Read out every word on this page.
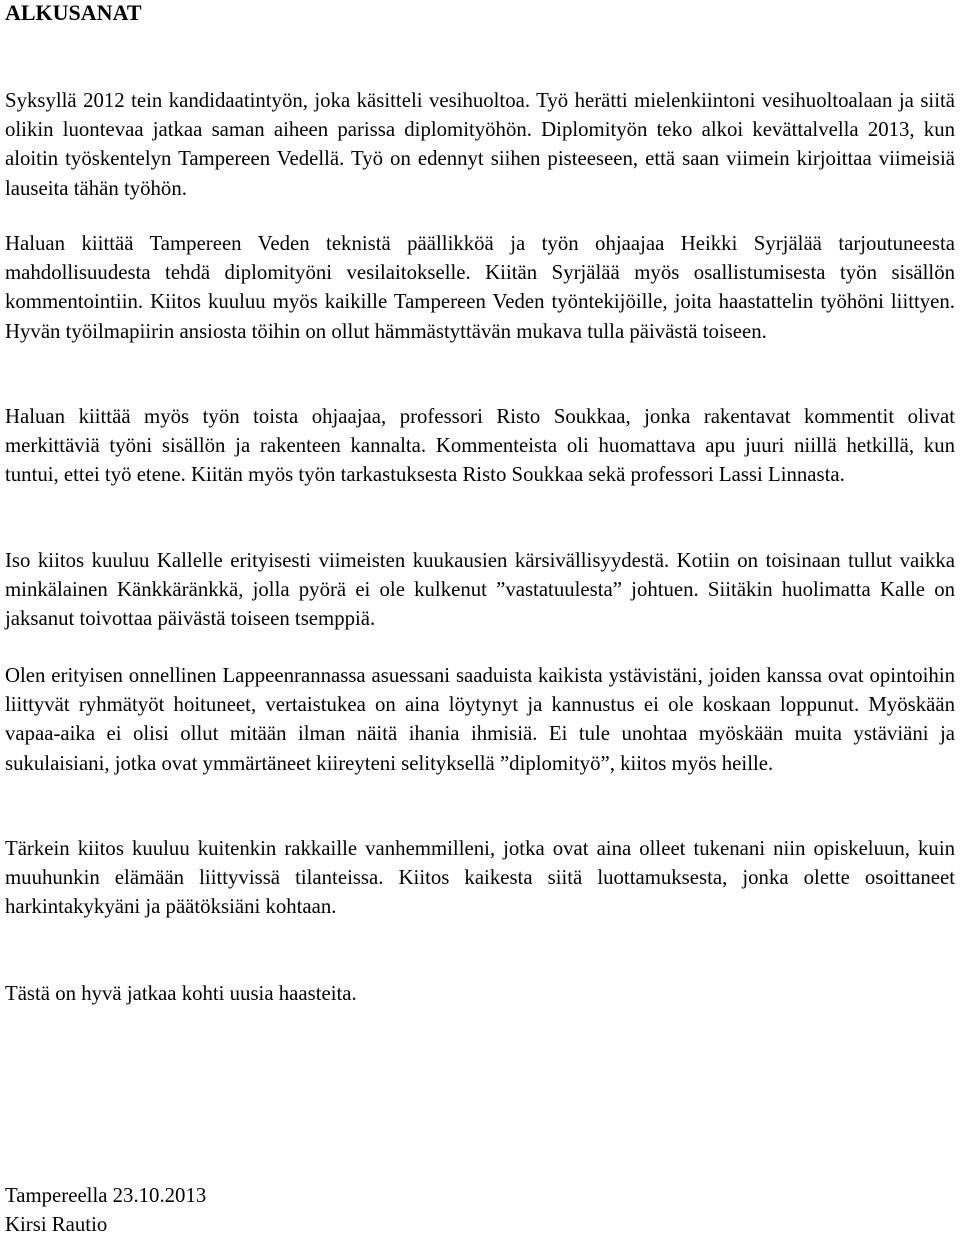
ALKUSANAT

Syksyllä 2012 tein kandidaatintyön, joka käsitteli vesihuoltoa. Työ herätti mielenkiintoni vesihuoltoalaan ja siitä olikin luontevaa jatkaa saman aiheen parissa diplomityöhön. Diplomityön teko alkoi kevättalvella 2013, kun aloitin työskentelyn Tampereen Vedellä. Työ on edennyt siihen pisteeseen, että saan viimein kirjoittaa viimeisiä lauseita tähän työhön.

Haluan kiittää Tampereen Veden teknistä päällikköä ja työn ohjaajaa Heikki Syrjälää tarjoutuneesta mahdollisuudesta tehdä diplomityöni vesilaitokselle. Kiitän Syrjälää myös osallistumisesta työn sisällön kommentointiin. Kiitos kuuluu myös kaikille Tampereen Veden työntekijöille, joita haastattelin työhöni liittyen. Hyvän työilmapiirin ansiosta töihin on ollut hämmästyttävän mukava tulla päivästä toiseen.

Haluan kiittää myös työn toista ohjaajaa, professori Risto Soukkaa, jonka rakentavat kommentit olivat merkittäviä työni sisällön ja rakenteen kannalta. Kommenteista oli huomattava apu juuri niillä hetkillä, kun tuntui, ettei työ etene. Kiitän myös työn tarkastuksesta Risto Soukkaa sekä professori Lassi Linnasta.

Iso kiitos kuuluu Kallelle erityisesti viimeisten kuukausien kärsivällisyydestä. Kotiin on toisinaan tullut vaikka minkälainen Känkkäränkkä, jolla pyörä ei ole kulkenut ”vastatuulesta” johtuen. Siitäkin huolimatta Kalle on jaksanut toivottaa päivästä toiseen tsemppiä.

Olen erityisen onnellinen Lappeenrannassa asuessani saaduista kaikista ystävistäni, joiden kanssa ovat opintoihin liittyvät ryhmätyöt hoituneet, vertaistukea on aina löytynyt ja kannustus ei ole koskaan loppunut. Myöskään vapaa-aika ei olisi ollut mitään ilman näitä ihania ihmisiä. Ei tule unohtaa myöskään muita ystäviäni ja sukulaisiani, jotka ovat ymmärtäneet kiireyteni selityksellä ”diplomityö”, kiitos myös heille.

Tärkein kiitos kuuluu kuitenkin rakkaille vanhemmilleni, jotka ovat aina olleet tukenani niin opiskeluun, kuin muuhunkin elämään liittyvissä tilanteissa. Kiitos kaikesta siitä luottamuksesta, jonka olette osoittaneet harkintakykyäni ja päätöksiäni kohtaan.

Tästä on hyvä jatkaa kohti uusia haasteita.

Tampereella 23.10.2013

Kirsi Rautio
